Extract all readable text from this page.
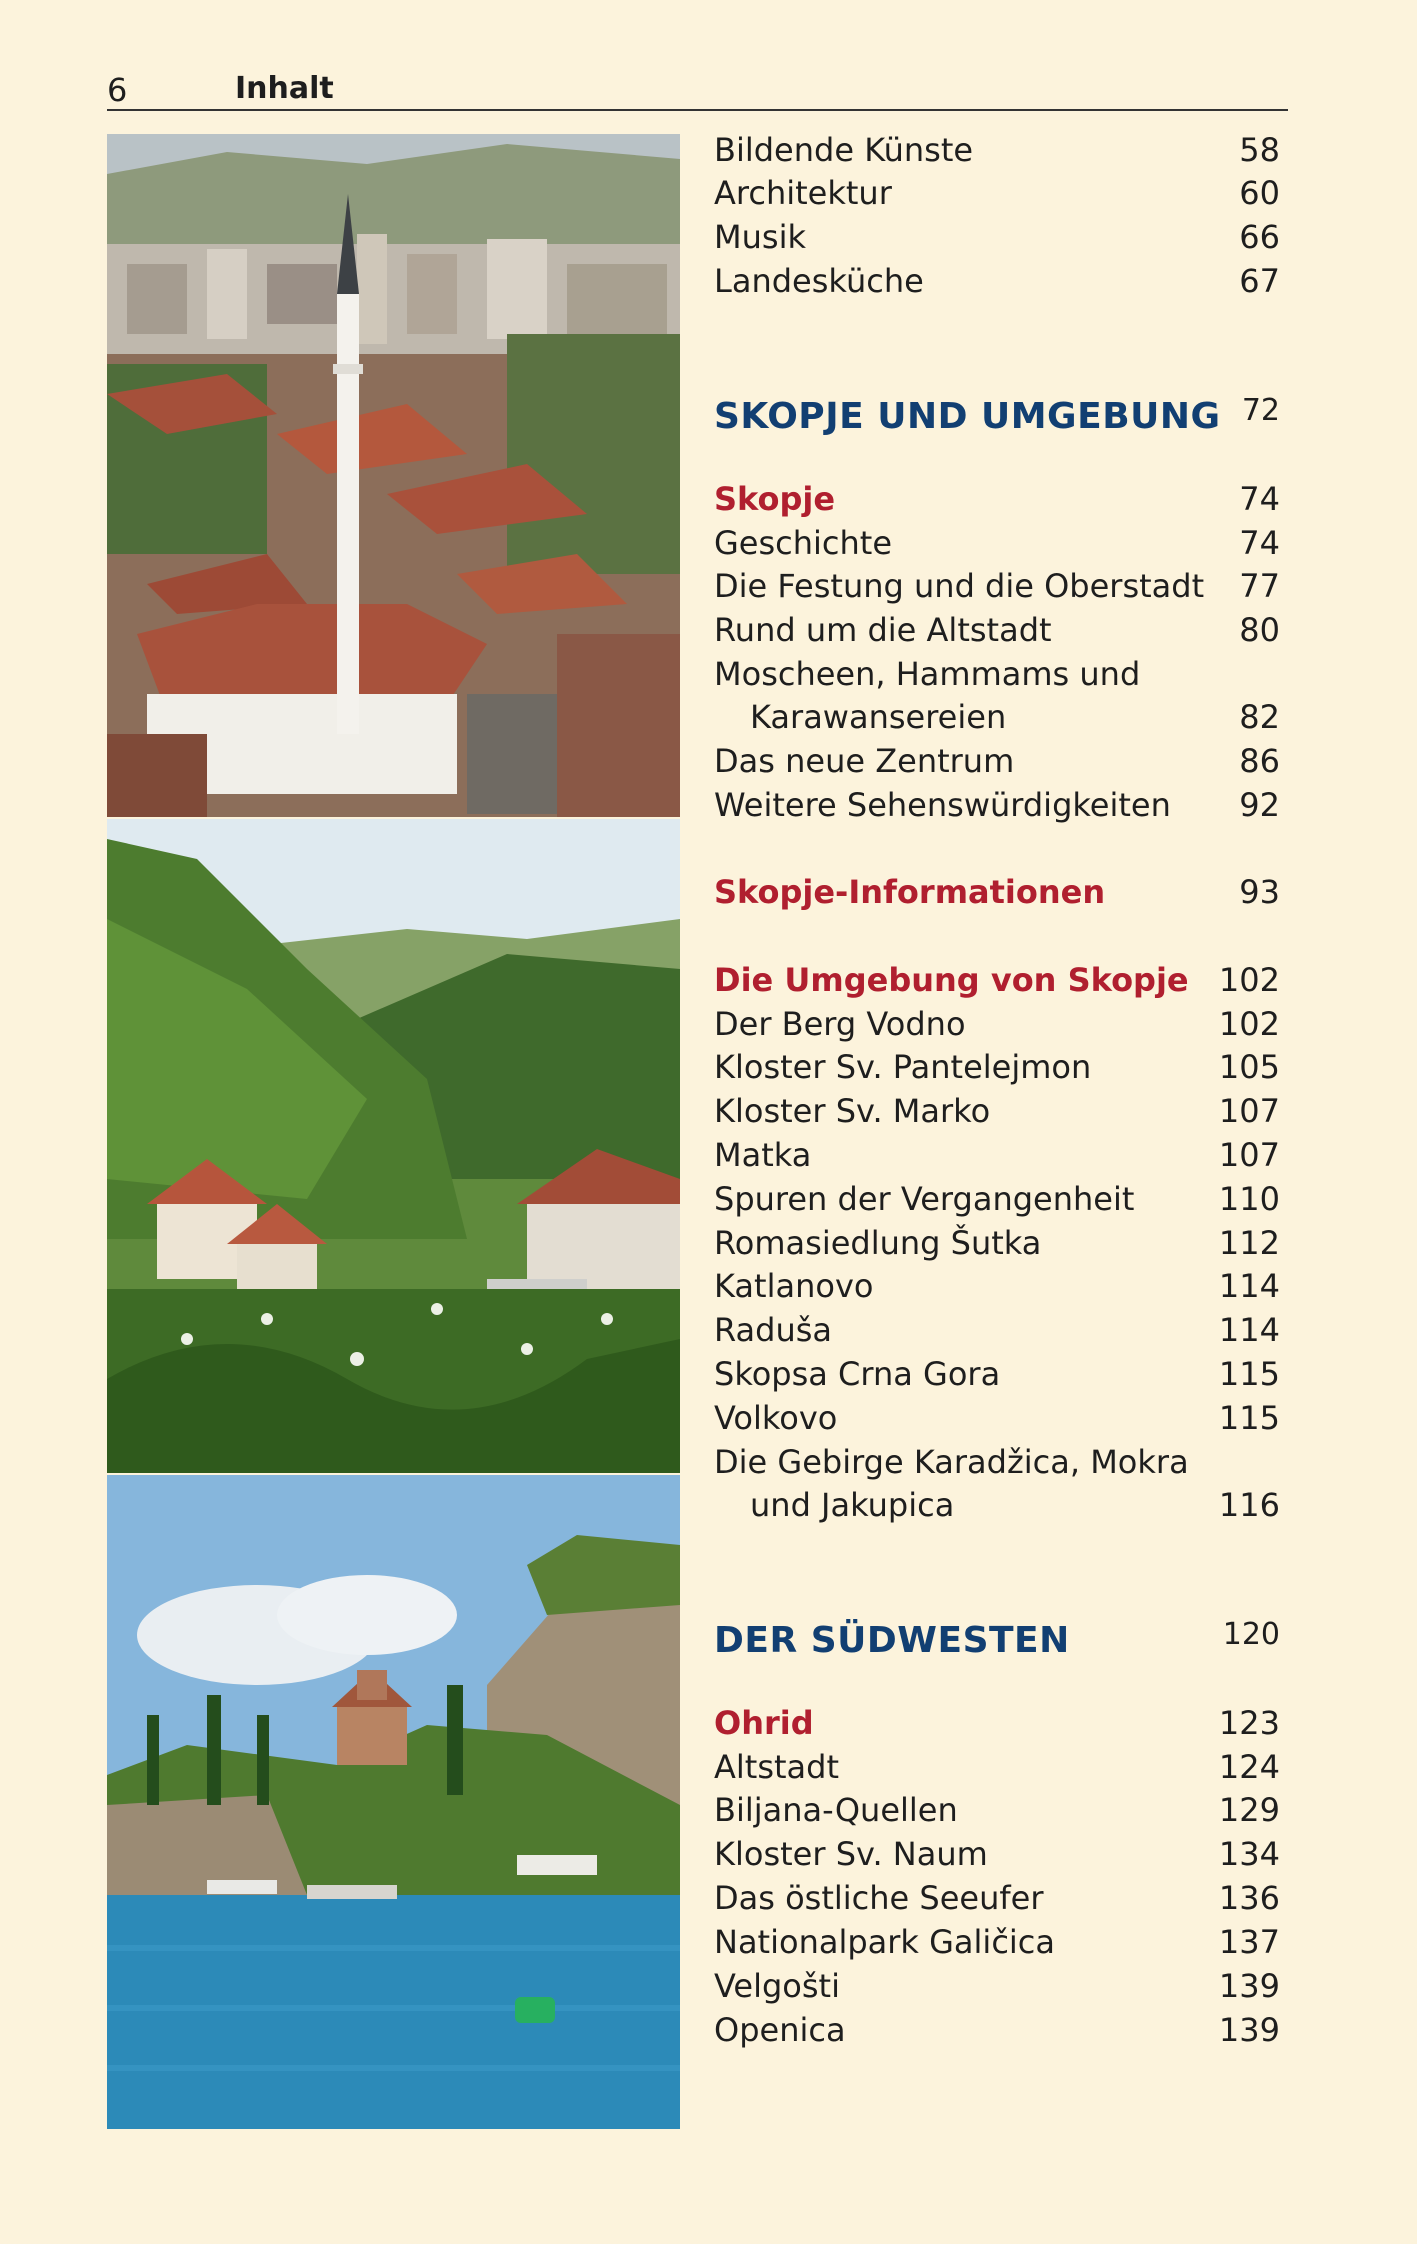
6	Inhalt
Bildende Künste	58
Architektur	60
Musik	66
Landesküche	67
SKOPJE UND UMGEBUNG 72
Skopje	74
Geschichte	74
Die Festung und die Oberstadt 77
Rund um die Altstadt	80
Moscheen, Hammams und
Karawansereien	82
Das neue Zentrum	86
Weitere Sehenswürdigkeiten 92
Skopje-Informationen	93
Die Umgebung von Skopje 102
Der Berg Vodno	102
Kloster Sv. Pantelejmon	105
Kloster Sv. Marko	107
Matka	107
Spuren der Vergangenheit	110
Romasiedlung Šutka	112
Katlanovo	114
Raduša	114
Skopsa Crna Gora	115
Volkovo	115
Die Gebirge Karadžica, Mokra
und Jakupica	116
DER SÜDWESTEN	120
Ohrid	123
Altstadt	124
Biljana-Quellen	129
Kloster Sv. Naum	134
Das östliche Seeufer	136
Nationalpark Galičica	137
Velgošti	139
Openica	139
